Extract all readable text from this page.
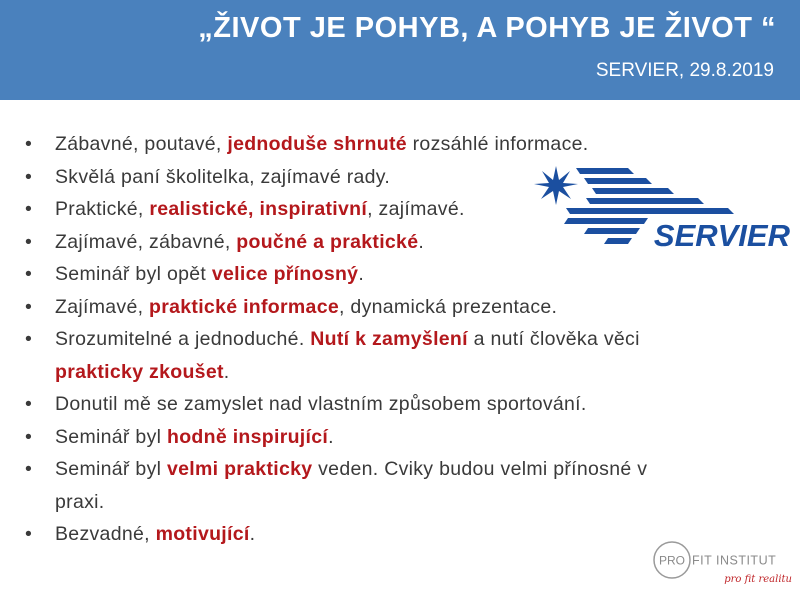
„ŽIVOT JE POHYB, A POHYB JE ŽIVOT “
SERVIER, 29.8.2019
• Zábavné, poutavé, jednoduše shrnuté rozsáhlé informace.
• Skvělá paní školitelka, zajímavé rady.
• Praktické, realistické, inspirativní, zajímavé.
• Zajímavé, zábavné, poučné a praktické.
• Seminář byl opět velice přínosný.
• Zajímavé, praktické informace, dynamická prezentace.
• Srozumitelné a jednoduché. Nutí k zamyšlení a nutí člověka věci
prakticky zkoušet.
• Donutil mě se zamyslet nad vlastním způsobem sportování.
• Seminář byl hodně inspirující.
• Seminář byl velmi prakticky veden. Cviky budou velmi přínosné v
praxi.
• Bezvadné, motivující.
SERVIER
PRO FIT INSTITUT
pro fit realitu
